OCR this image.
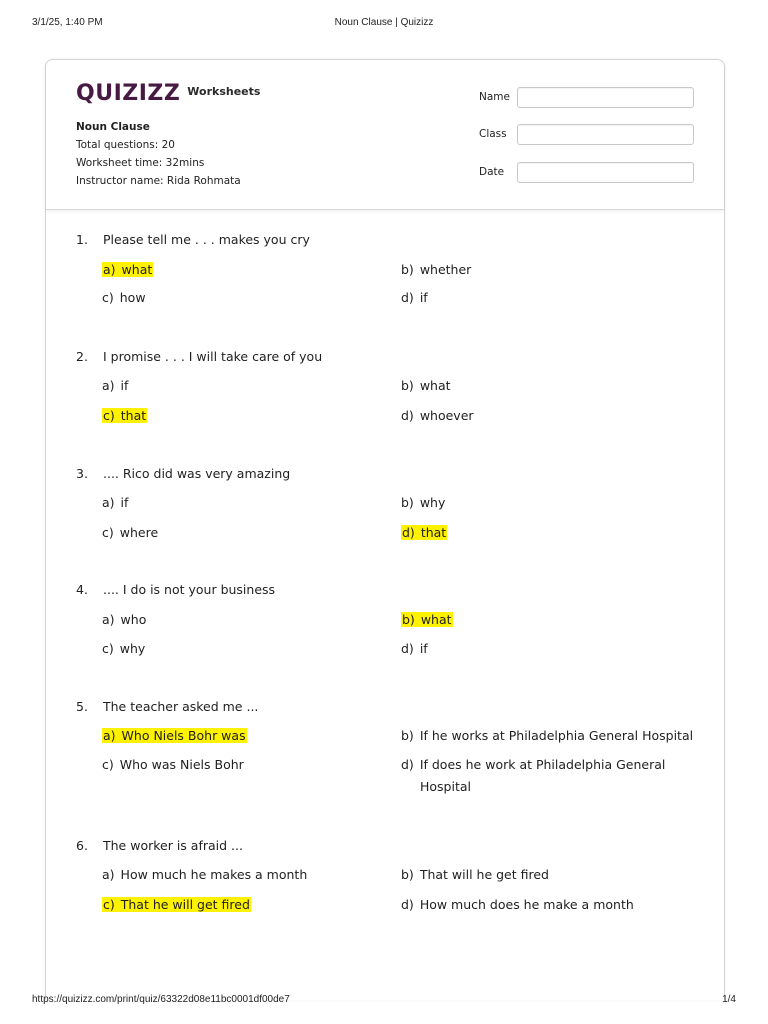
3/1/25, 1:40 PM	Noun Clause | Quizizz
QUIZIZZ Worksheets
Noun Clause
Total questions: 20
Worksheet time: 32mins
Instructor name: Rida Rohmata
Name
Class
Date
1. Please tell me . . . makes you cry
a) what	b) whether
c) how	d) if
2. I promise . . . I will take care of you
a) if	b) what
c) that	d) whoever
3. .... Rico did was very amazing
a) if	b) why
c) where	d) that
4. .... I do is not your business
a) who	b) what
c) why	d) if
5. The teacher asked me ...
a) Who Niels Bohr was	b) If he works at Philadelphia General Hospital
c) Who was Niels Bohr	d) If does he work at Philadelphia General
Hospital
6. The worker is afraid ...
a) How much he makes a month	b) That will he get fired
c) That he will get fired	d) How much does he make a month
https://quizizz.com/print/quiz/63322d08e11bc0001df00de7	1/4
